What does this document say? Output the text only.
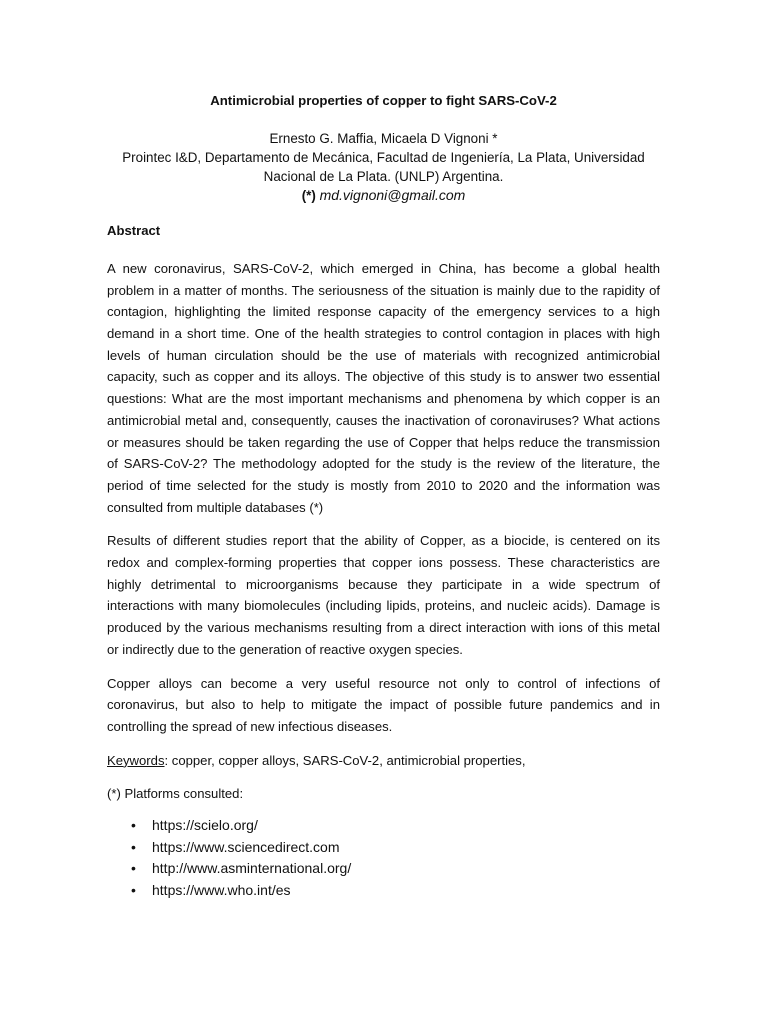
Antimicrobial properties of copper to fight SARS-CoV-2
Ernesto G. Maffia, Micaela D Vignoni *
Prointec I&D, Departamento de Mecánica, Facultad de Ingeniería, La Plata, Universidad
Nacional de La Plata. (UNLP) Argentina.
(*) md.vignoni@gmail.com
Abstract

A new coronavirus, SARS-CoV-2, which emerged in China, has become a global health problem in a matter of months. The seriousness of the situation is mainly due to the rapidity of contagion, highlighting the limited response capacity of the emergency services to a high demand in a short time. One of the health strategies to control contagion in places with high levels of human circulation should be the use of materials with recognized antimicrobial capacity, such as copper and its alloys. The objective of this study is to answer two essential questions: What are the most important mechanisms and phenomena by which copper is an antimicrobial metal and, consequently, causes the inactivation of coronaviruses? What actions or measures should be taken regarding the use of Copper that helps reduce the transmission of SARS-CoV-2? The methodology adopted for the study is the review of the literature, the period of time selected for the study is mostly from 2010 to 2020 and the information was consulted from multiple databases (*)

Results of different studies report that the ability of Copper, as a biocide, is centered on its redox and complex-forming properties that copper ions possess. These characteristics are highly detrimental to microorganisms because they participate in a wide spectrum of interactions with many biomolecules (including lipids, proteins, and nucleic acids). Damage is produced by the various mechanisms resulting from a direct interaction with ions of this metal or indirectly due to the generation of reactive oxygen species.

Copper alloys can become a very useful resource not only to control of infections of coronavirus, but also to help to mitigate the impact of possible future pandemics and in controlling the spread of new infectious diseases.

Keywords: copper, copper alloys, SARS-CoV-2, antimicrobial properties,
(*) Platforms consulted:
• https://scielo.org/
• https://www.sciencedirect.com
• http://www.asminternational.org/
• https://www.who.int/es
